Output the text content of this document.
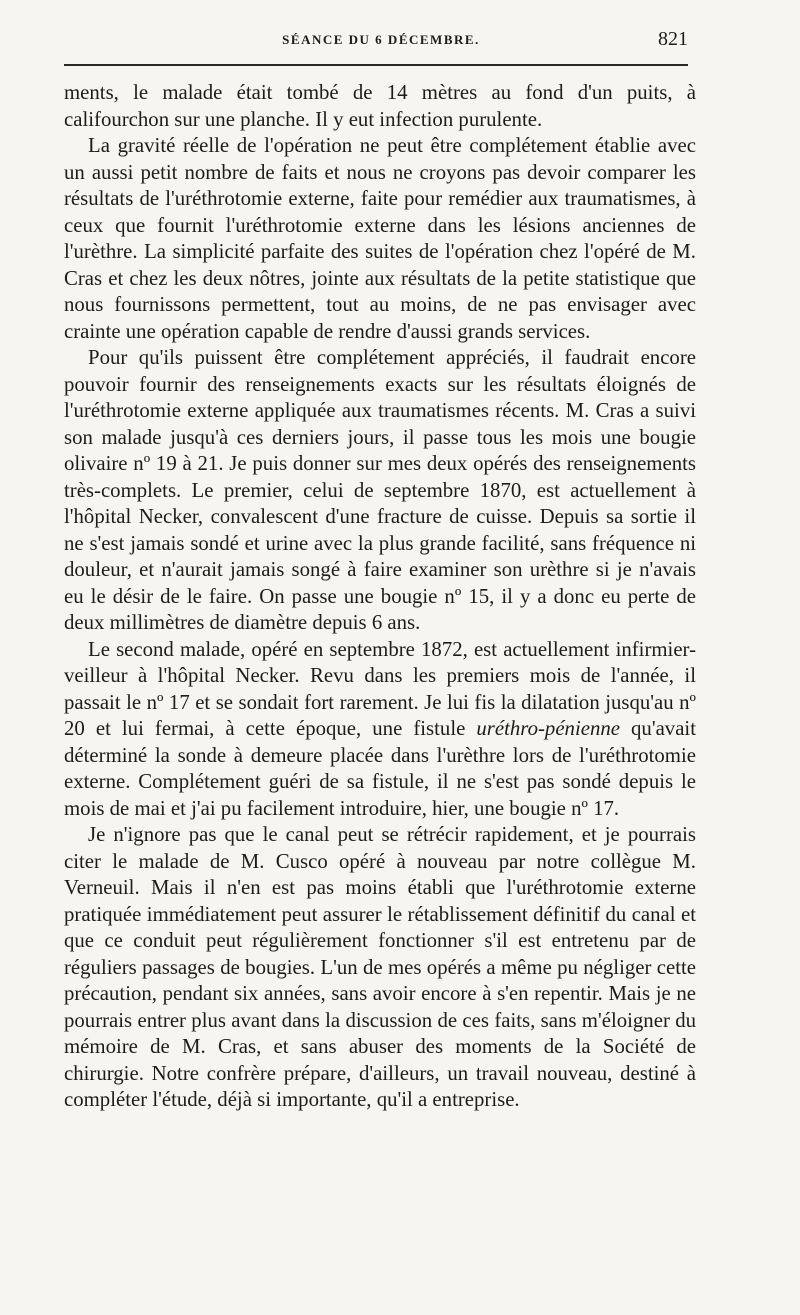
SÉANCE DU 6 DÉCEMBRE.	821

ments, le malade était tombé de 14 mètres au fond d'un puits, à califourchon sur une planche. Il y eut infection purulente.

La gravité réelle de l'opération ne peut être complétement établie avec un aussi petit nombre de faits et nous ne croyons pas devoir comparer les résultats de l'uréthrotomie externe, faite pour remédier aux traumatismes, à ceux que fournit l'uréthrotomie externe dans les lésions anciennes de l'urèthre. La simplicité parfaite des suites de l'opération chez l'opéré de M. Cras et chez les deux nôtres, jointe aux résultats de la petite statistique que nous fournissons permettent, tout au moins, de ne pas envisager avec crainte une opération capable de rendre d'aussi grands services.

Pour qu'ils puissent être complétement appréciés, il faudrait encore pouvoir fournir des renseignements exacts sur les résultats éloignés de l'uréthrotomie externe appliquée aux traumatismes récents. M. Cras a suivi son malade jusqu'à ces derniers jours, il passe tous les mois une bougie olivaire nº 19 à 21. Je puis donner sur mes deux opérés des renseignements très-complets. Le premier, celui de septembre 1870, est actuellement à l'hôpital Necker, convalescent d'une fracture de cuisse. Depuis sa sortie il ne s'est jamais sondé et urine avec la plus grande facilité, sans fréquence ni douleur, et n'aurait jamais songé à faire examiner son urèthre si je n'avais eu le désir de le faire. On passe une bougie nº 15, il y a donc eu perte de deux millimètres de diamètre depuis 6 ans.

Le second malade, opéré en septembre 1872, est actuellement infirmier-veilleur à l'hôpital Necker. Revu dans les premiers mois de l'année, il passait le nº 17 et se sondait fort rarement. Je lui fis la dilatation jusqu'au nº 20 et lui fermai, à cette époque, une fistule uréthro-pénienne qu'avait déterminé la sonde à demeure placée dans l'urèthre lors de l'uréthrotomie externe. Complétement guéri de sa fistule, il ne s'est pas sondé depuis le mois de mai et j'ai pu facilement introduire, hier, une bougie nº 17.

Je n'ignore pas que le canal peut se rétrécir rapidement, et je pourrais citer le malade de M. Cusco opéré à nouveau par notre collègue M. Verneuil. Mais il n'en est pas moins établi que l'uréthrotomie externe pratiquée immédiatement peut assurer le rétablissement définitif du canal et que ce conduit peut régulièrement fonctionner s'il est entretenu par de réguliers passages de bougies. L'un de mes opérés a même pu négliger cette précaution, pendant six années, sans avoir encore à s'en repentir. Mais je ne pourrais entrer plus avant dans la discussion de ces faits, sans m'éloigner du mémoire de M. Cras, et sans abuser des moments de la Société de chirurgie. Notre confrère prépare, d'ailleurs, un travail nouveau, destiné à compléter l'étude, déjà si importante, qu'il a entreprise.
